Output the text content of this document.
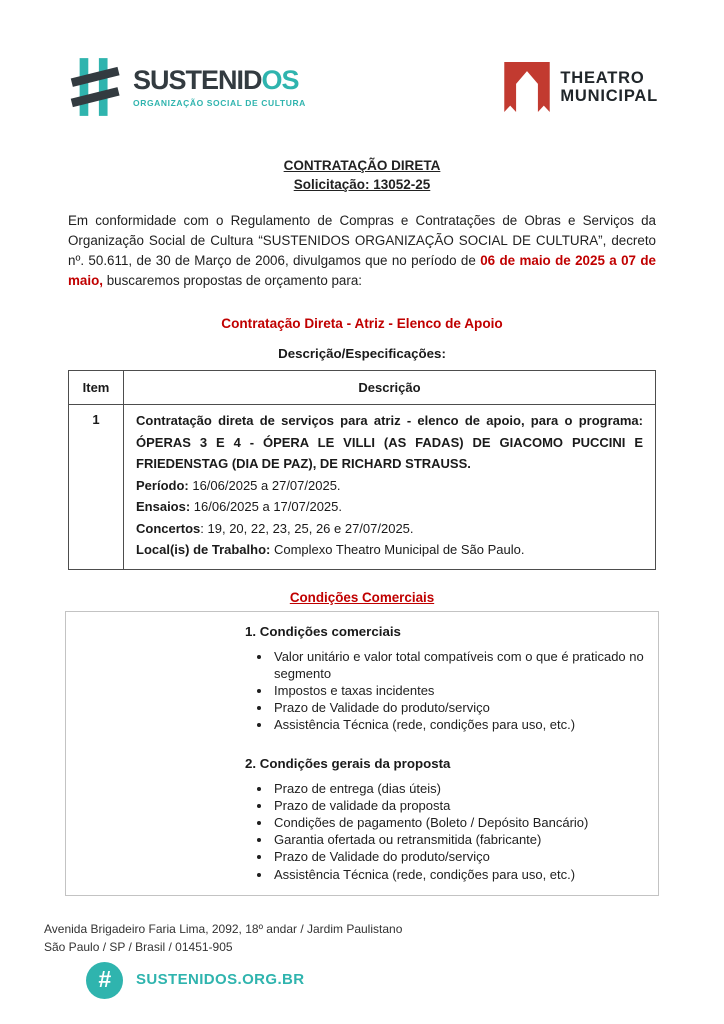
SUSTENIDOS
ORGANIZAÇÃO SOCIAL DE CULTURA
THEATRO
MUNICIPAL
CONTRATAÇÃO DIRETA
Solicitação: 13052-25

Em conformidade com o Regulamento de Compras e Contratações de Obras e Serviços da Organização Social de Cultura “SUSTENIDOS ORGANIZAÇÃO SOCIAL DE CULTURA”, decreto nº. 50.611, de 30 de Março de 2006, divulgamos que no período de 06 de maio de 2025 a 07 de maio, buscaremos propostas de orçamento para:

Contratação Direta - Atriz - Elenco de Apoio
Descrição/Especificações:
Item	Descrição
1	Contratação direta de serviços para atriz - elenco de apoio, para o programa: ÓPERAS 3 E 4 - ÓPERA LE VILLI (AS FADAS) DE GIACOMO PUCCINI E FRIEDENSTAG (DIA DE PAZ), DE RICHARD STRAUSS.
Período: 16/06/2025 a 27/07/2025.
Ensaios: 16/06/2025 a 17/07/2025.
Concertos: 19, 20, 22, 23, 25, 26 e 27/07/2025.
Local(is) de Trabalho: Complexo Theatro Municipal de São Paulo.
Condições Comerciais
1. Condições comerciais
• Valor unitário e valor total compatíveis com o que é praticado no segmento
• Impostos e taxas incidentes
• Prazo de Validade do produto/serviço
• Assistência Técnica (rede, condições para uso, etc.)
2. Condições gerais da proposta
• Prazo de entrega (dias úteis)
• Prazo de validade da proposta
• Condições de pagamento (Boleto / Depósito Bancário)
• Garantia ofertada ou retransmitida (fabricante)
• Prazo de Validade do produto/serviço
• Assistência Técnica (rede, condições para uso, etc.)
Avenida Brigadeiro Faria Lima, 2092, 18º andar / Jardim Paulistano
São Paulo / SP / Brasil / 01451-905
#	SUSTENIDOS.ORG.BR
